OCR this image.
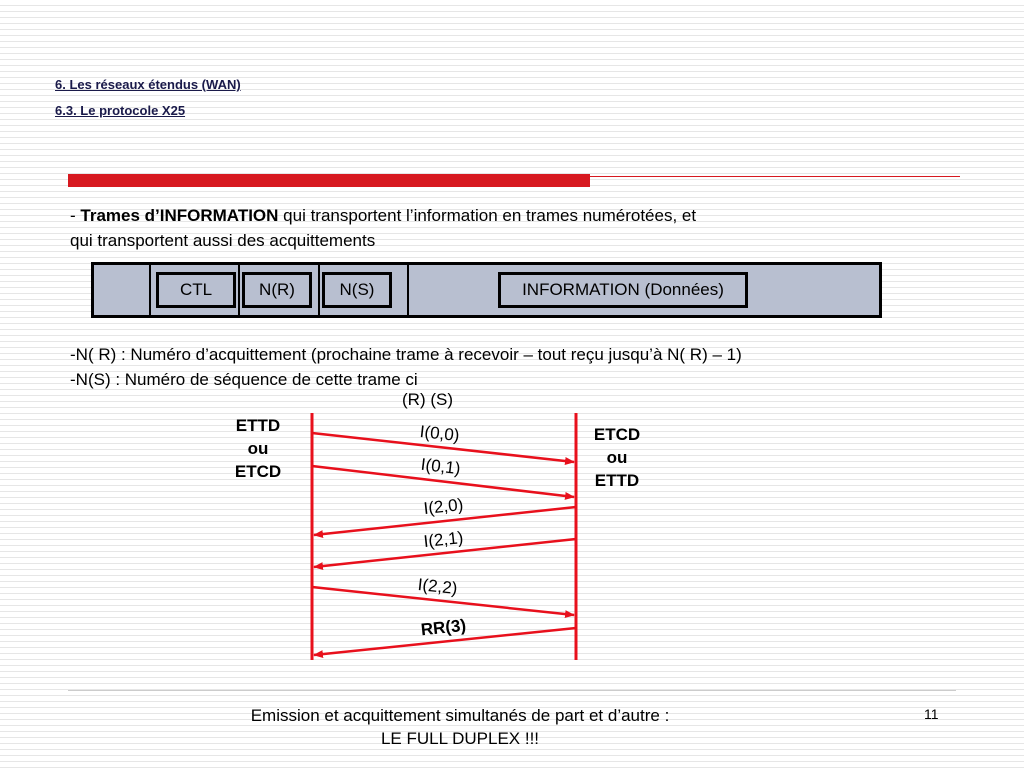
6. Les réseaux étendus (WAN)
6.3. Le protocole X25
- Trames d’INFORMATION qui transportent l’information en trames numérotées, et
qui transportent aussi des acquittements
CTL	N(R)	N(S)	INFORMATION (Données)
-N( R) : Numéro d’acquittement (prochaine trame à recevoir – tout reçu jusqu’à N( R) – 1)
-N(S) : Numéro de séquence de cette trame ci
(R) (S)
ETTD
ou
ETCD
ETCD
ou
ETTD
I(0,0)
I(0,1)
I(2,0)
I(2,1)
I(2,2)
RR(3)
Emission et acquittement simultanés de part et d’autre :
LE FULL DUPLEX !!!
11
